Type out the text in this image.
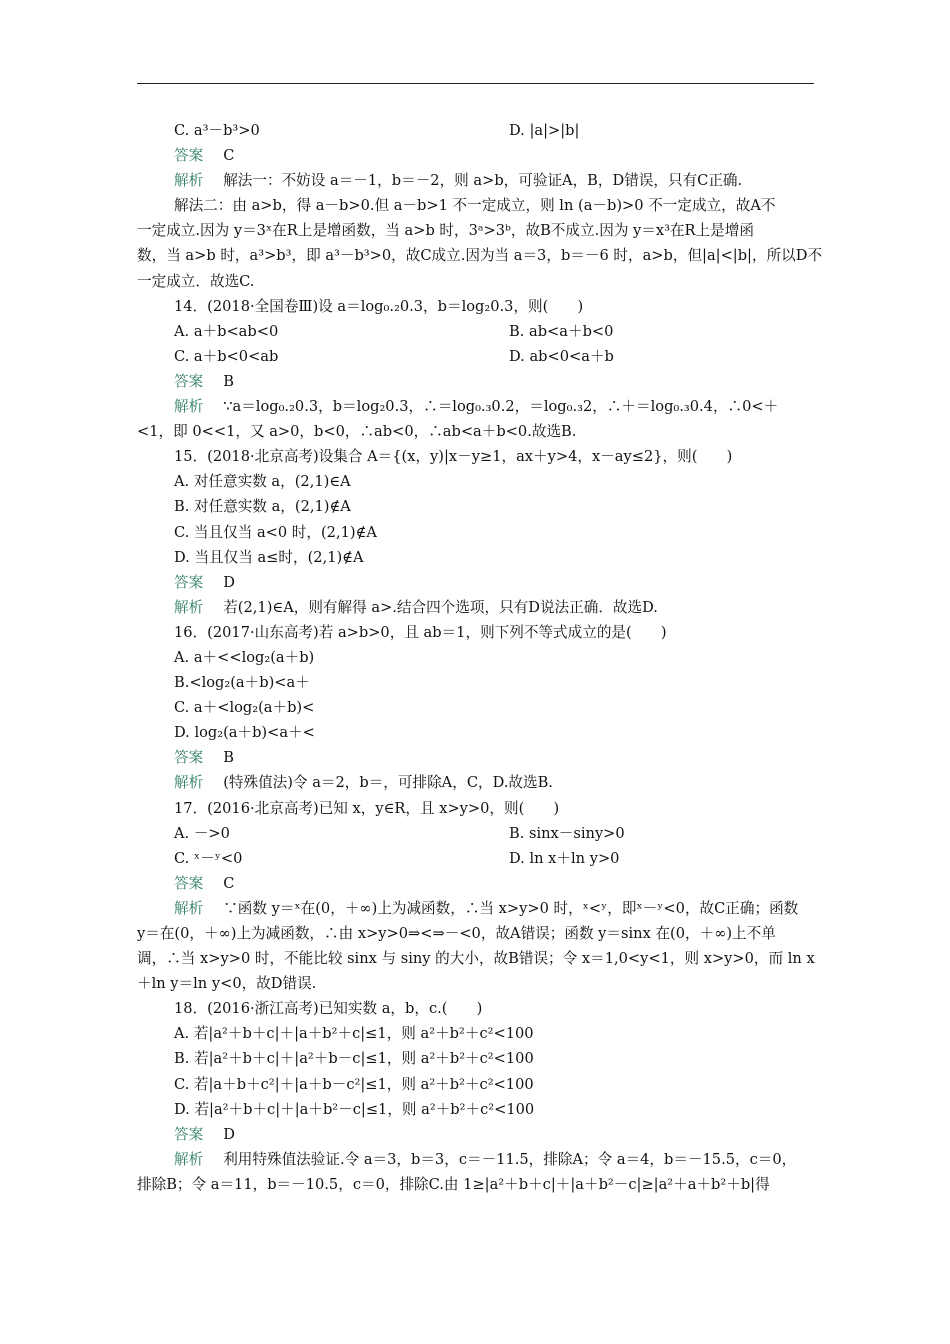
C. a³－b³>0	D. |a|>|b|
答案 C
解析 解法一：不妨设 a＝－1，b＝－2，则 a>b，可验证A，B，D错误，只有C正确.
解法二：由 a>b，得 a－b>0.但 a－b>1 不一定成立，则 ln (a－b)>0 不一定成立，故A不
一定成立.因为 y＝3ˣ在R上是增函数，当 a>b 时，3ᵃ>3ᵇ，故B不成立.因为 y＝x³在R上是增函
数，当 a>b 时，a³>b³，即 a³－b³>0，故C成立.因为当 a＝3，b＝－6 时，a>b，但|a|<|b|，所以D不
一定成立．故选C.
14．(2018·全国卷Ⅲ)设 a＝log₀.₂0.3，b＝log₂0.3，则(　　)
A. a＋b<ab<0	B. ab<a＋b<0
C. a＋b<0<ab	D. ab<0<a＋b
答案 B
解析 ∵a＝log₀.₂0.3，b＝log₂0.3，∴＝log₀.₃0.2，＝log₀.₃2，∴＋＝log₀.₃0.4，∴0<＋
<1，即 0<<1，又 a>0，b<0，∴ab<0，∴ab<a＋b<0.故选B.
15．(2018·北京高考)设集合 A＝{(x，y)|x－y≥1，ax＋y>4，x－ay≤2}，则(　　)
A. 对任意实数 a，(2,1)∈A
B. 对任意实数 a，(2,1)∉A
C. 当且仅当 a<0 时，(2,1)∉A
D. 当且仅当 a≤时，(2,1)∉A
答案 D
解析 若(2,1)∈A，则有解得 a>.结合四个选项，只有D说法正确．故选D.
16．(2017·山东高考)若 a>b>0，且 ab＝1，则下列不等式成立的是(　　)
A. a＋<<log₂(a＋b)
B.<log₂(a＋b)<a＋
C. a＋<log₂(a＋b)<
D. log₂(a＋b)<a＋<
答案 B
解析 (特殊值法)令 a＝2，b＝，可排除A，C，D.故选B.
17．(2016·北京高考)已知 x，y∈R，且 x>y>0，则(　　)
A. －>0	B. sinx－siny>0
C. ˣ－ʸ<0	D. ln x＋ln y>0
答案 C
解析 ∵函数 y＝ˣ在(0，＋∞)上为减函数，∴当 x>y>0 时，ˣ<ʸ，即ˣ－ʸ<0，故C正确；函数
y＝在(0，＋∞)上为减函数，∴由 x>y>0⇒<⇒－<0，故A错误；函数 y＝sinx 在(0，＋∞)上不单
调，∴当 x>y>0 时，不能比较 sinx 与 siny 的大小，故B错误；令 x＝1,0<y<1，则 x>y>0，而 ln x
＋ln y＝ln y<0，故D错误.
18．(2016·浙江高考)已知实数 a，b，c.(　　)
A. 若|a²＋b＋c|＋|a＋b²＋c|≤1，则 a²＋b²＋c²<100
B. 若|a²＋b＋c|＋|a²＋b－c|≤1，则 a²＋b²＋c²<100
C. 若|a＋b＋c²|＋|a＋b－c²|≤1，则 a²＋b²＋c²<100
D. 若|a²＋b＋c|＋|a＋b²－c|≤1，则 a²＋b²＋c²<100
答案 D
解析 利用特殊值法验证.令 a＝3，b＝3，c＝－11.5，排除A；令 a＝4，b＝－15.5，c＝0，
排除B；令 a＝11，b＝－10.5，c＝0，排除C.由 1≥|a²＋b＋c|＋|a＋b²－c|≥|a²＋a＋b²＋b|得
